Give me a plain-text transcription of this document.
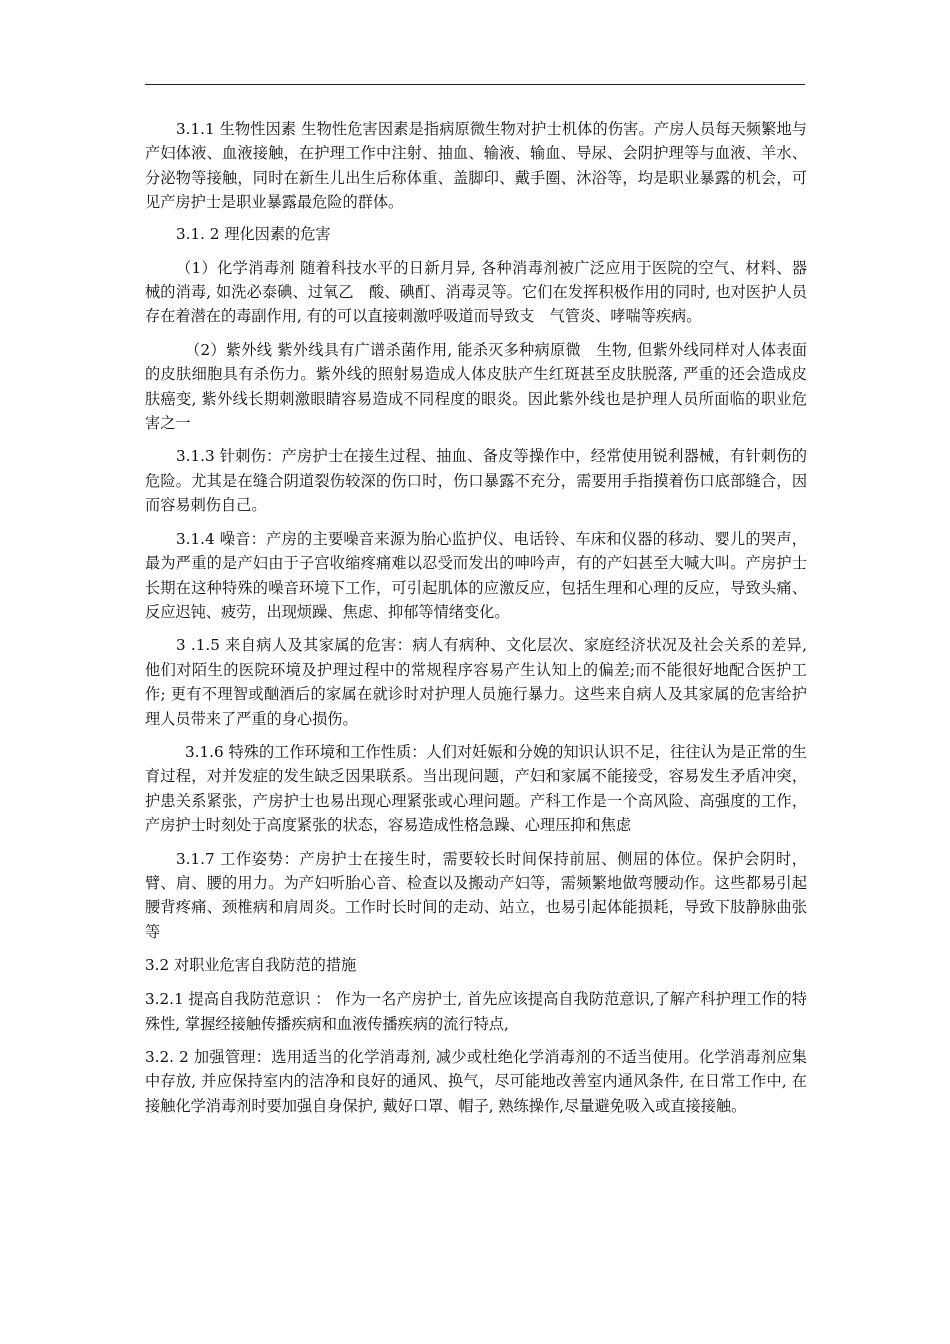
3.1.1 生物性因素 生物性危害因素是指病原微生物对护士机体的伤害。产房人员每天频繁地与产妇体液、血液接触，在护理工作中注射、抽血、输液、输血、导尿、会阴护理等与血液、羊水、分泌物等接触，同时在新生儿出生后称体重、盖脚印、戴手圈、沐浴等，均是职业暴露的机会，可见产房护士是职业暴露最危险的群体。

3.1. 2 理化因素的危害

（1）化学消毒剂 随着科技水平的日新月异, 各种消毒剂被广泛应用于医院的空气、材料、器械的消毒, 如洗必泰碘、过氧乙　酸、碘酊、消毒灵等。它们在发挥积极作用的同时, 也对医护人员存在着潜在的毒副作用, 有的可以直接刺激呼吸道而导致支　气管炎、哮喘等疾病。

（2）紫外线 紫外线具有广谱杀菌作用, 能杀灭多种病原微　生物, 但紫外线同样对人体表面的皮肤细胞具有杀伤力。紫外线的照射易造成人体皮肤产生红斑甚至皮肤脱落, 严重的还会造成皮肤癌变, 紫外线长期刺激眼睛容易造成不同程度的眼炎。因此紫外线也是护理人员所面临的职业危害之一

3.1.3 针刺伤：产房护士在接生过程、抽血、备皮等操作中，经常使用锐利器械，有针刺伤的危险。尤其是在缝合阴道裂伤较深的伤口时，伤口暴露不充分，需要用手指摸着伤口底部缝合，因而容易刺伤自己。

3.1.4 噪音：产房的主要噪音来源为胎心监护仪、电话铃、车床和仪器的移动、婴儿的哭声，最为严重的是产妇由于子宫收缩疼痛难以忍受而发出的呻吟声，有的产妇甚至大喊大叫。产房护士长期在这种特殊的噪音环境下工作，可引起肌体的应激反应，包括生理和心理的反应，导致头痛、反应迟钝、疲劳，出现烦躁、焦虑、抑郁等情绪变化。

3 .1.5 来自病人及其家属的危害：病人有病种、文化层次、家庭经济状况及社会关系的差异, 他们对陌生的医院环境及护理过程中的常规程序容易产生认知上的偏差;而不能很好地配合医护工作; 更有不理智或酗酒后的家属在就诊时对护理人员施行暴力。这些来自病人及其家属的危害给护理人员带来了严重的身心损伤。

3.1.6 特殊的工作环境和工作性质：人们对妊娠和分娩的知识认识不足，往往认为是正常的生育过程，对并发症的发生缺乏因果联系。当出现问题，产妇和家属不能接受，容易发生矛盾冲突，护患关系紧张，产房护士也易出现心理紧张或心理问题。产科工作是一个高风险、高强度的工作，产房护士时刻处于高度紧张的状态，容易造成性格急躁、心理压抑和焦虑

3.1.7 工作姿势：产房护士在接生时，需要较长时间保持前屈、侧屈的体位。保护会阴时，臂、肩、腰的用力。为产妇听胎心音、检查以及搬动产妇等，需频繁地做弯腰动作。这些都易引起腰背疼痛、颈椎病和肩周炎。工作时长时间的走动、站立，也易引起体能损耗，导致下肢静脉曲张等

3.2 对职业危害自我防范的措施

3.2.1 提高自我防范意识 ： 作为一名产房护士, 首先应该提高自我防范意识,了解产科护理工作的特殊性, 掌握经接触传播疾病和血液传播疾病的流行特点,

3.2. 2 加强管理：选用适当的化学消毒剂, 减少或杜绝化学消毒剂的不适当使用。化学消毒剂应集中存放, 并应保持室内的洁净和良好的通风、换气，尽可能地改善室内通风条件, 在日常工作中, 在接触化学消毒剂时要加强自身保护, 戴好口罩、帽子, 熟练操作,尽量避免吸入或直接接触。
